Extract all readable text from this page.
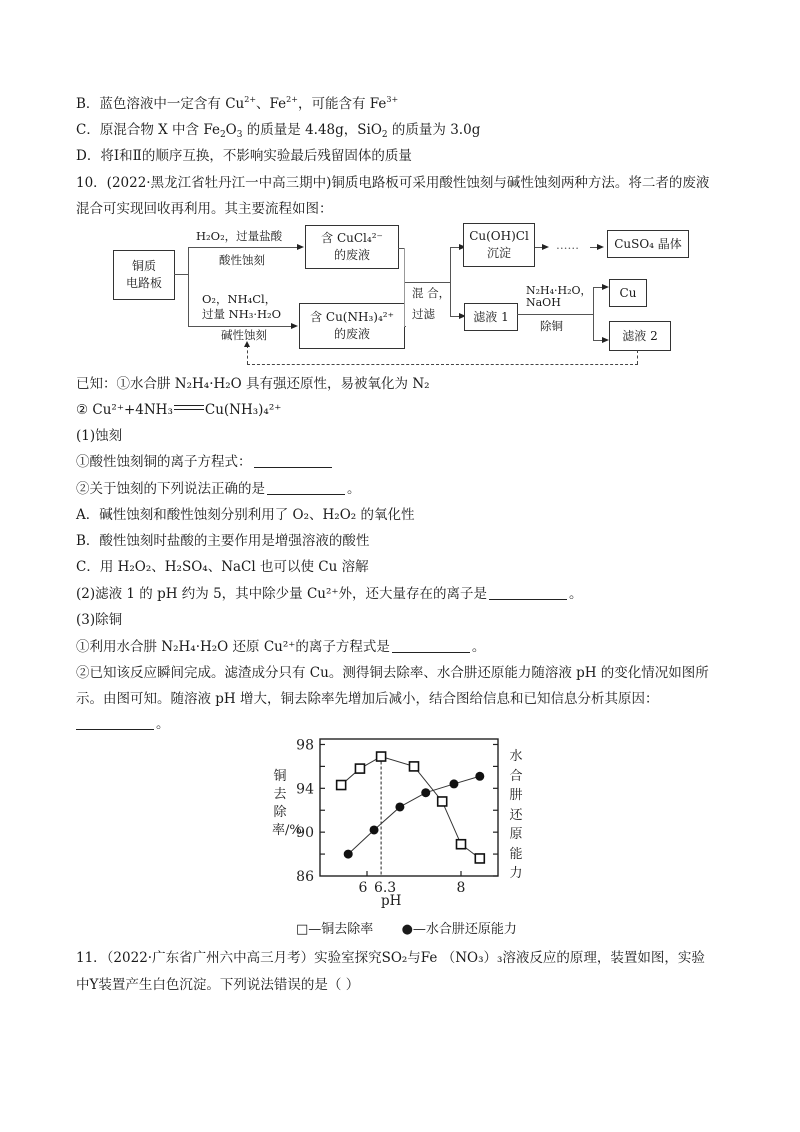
B．蓝色溶液中一定含有 $Cu^{2+}$、$Fe^{2+}$，可能含有 $Fe^{3+}$
C．原混合物 X 中含 $Fe_2O_3$ 的质量是 4.48g，SiO$_2$ 的质量为 3.0g
D．将Ⅰ和Ⅱ的顺序互换，不影响实验最后残留固体的质量
10．(2022·黑龙江省牡丹江一中高三期中)铜质电路板可采用酸性蚀刻与碱性蚀刻两种方法。将二者的废液
混合可实现回收再利用。其主要流程如图：
铜质
电路板
H₂O₂，过量盐酸
酸性蚀刻
O₂，NH₄Cl，
过量 NH₃·H₂O
碱性蚀刻
含 CuCl₄²⁻
的废液
含 Cu(NH₃)₄²⁺
的废液
混 合，
过滤
Cu(OH)Cl
沉淀
……	CuSO₄ 晶体
滤液 1
N₂H₄·H₂O，
NaOH
除铜
Cu
滤液 2
已知：①水合肼 N₂H₄·H₂O 具有强还原性，易被氧化为 N₂
② Cu²⁺+4NH₃ Cu(NH₃)₄²⁺
(1)蚀刻
①酸性蚀刻铜的离子方程式：
②关于蚀刻的下列说法正确的是	。
A．碱性蚀刻和酸性蚀刻分别利用了 O₂、H₂O₂ 的氧化性
B．酸性蚀刻时盐酸的主要作用是增强溶液的酸性
C．用 H₂O₂、H₂SO₄、NaCl 也可以使 Cu 溶解
(2)滤液 1 的 pH 约为 5，其中除少量 Cu²⁺外，还大量存在的离子是	。
(3)除铜
①利用水合肼 N₂H₄·H₂O 还原 Cu²⁺的离子方程式是	。
②已知该反应瞬间完成。滤渣成分只有 Cu。测得铜去除率、水合肼还原能力随溶液 pH 的变化情况如图所
示。由图可知。随溶液 pH 增大，铜去除率先增加后减小，结合图给信息和已知信息分析其原因：
。
86
90
94
98
6 6.3	8
铜去除率/%
水合肼还原能力
pH
□—铜去除率 ●—水合肼还原能力
11．（2022·广东省广州六中高三月考）实验室探究SO₂与Fe （NO₃）₃溶液反应的原理，装置如图，实验
中Y装置产生白色沉淀。下列说法错误的是（ ）
